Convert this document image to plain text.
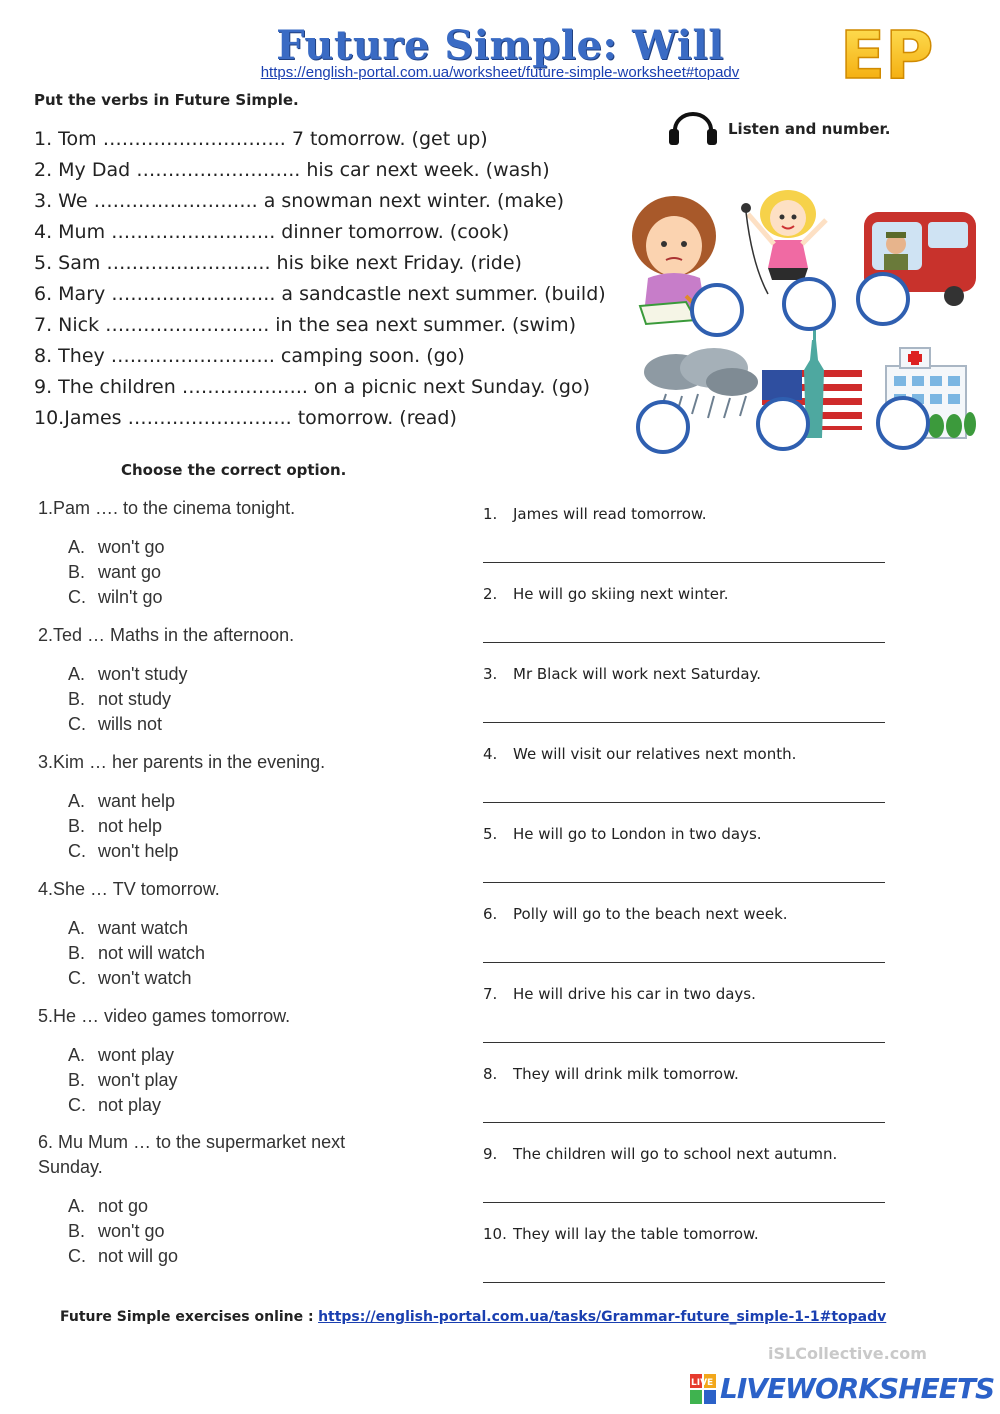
Future Simple: Will
https://english-portal.com.ua/worksheet/future-simple-worksheet#topadv	EP
Put the verbs in Future Simple.
1. Tom ……………………….. 7 tomorrow. (get up)
2. My Dad …………………….. his car next week. (wash)
3. We …………………….. a snowman next winter. (make)
4. Mum …………………….. dinner tomorrow. (cook)
5. Sam …………………….. his bike next Friday. (ride)
6. Mary …………………….. a sandcastle next summer. (build)
7. Nick …………………….. in the sea next summer. (swim)
8. They …………………….. camping soon. (go)
9. The children ……………….. on a picnic next Sunday. (go)
10.James …………………….. tomorrow. (read)
Listen and number.
Choose the correct option.
1.Pam …. to the cinema tonight.
A. won't go
B. want go
C. wiln't go
2.Ted … Maths in the afternoon.
A. won't study
B. not study
C. wills not
3.Kim … her parents in the evening.
A. want help
B. not help
C. won't help
4.She … TV tomorrow.
A. want watch
B. not will watch
C. won't watch
5.He … video games tomorrow.
A. wont play
B. won't play
C. not play
6. Mu Mum … to the supermarket next
Sunday.
A. not go
B. won't go
C. not will go
1. James will read tomorrow.
2. He will go skiing next winter.
3. Mr Black will work next Saturday.
4. We will visit our relatives next month.
5. He will go to London in two days.
6. Polly will go to the beach next week.
7. He will drive his car in two days.
8. They will drink milk tomorrow.
9. The children will go to school next autumn.
10. They will lay the table tomorrow.
Future Simple exercises online : https://english-portal.com.ua/tasks/Grammar-future_simple-1-1#topadv
iSLCollective.com
LIVE LIVEWORKSHEETS
